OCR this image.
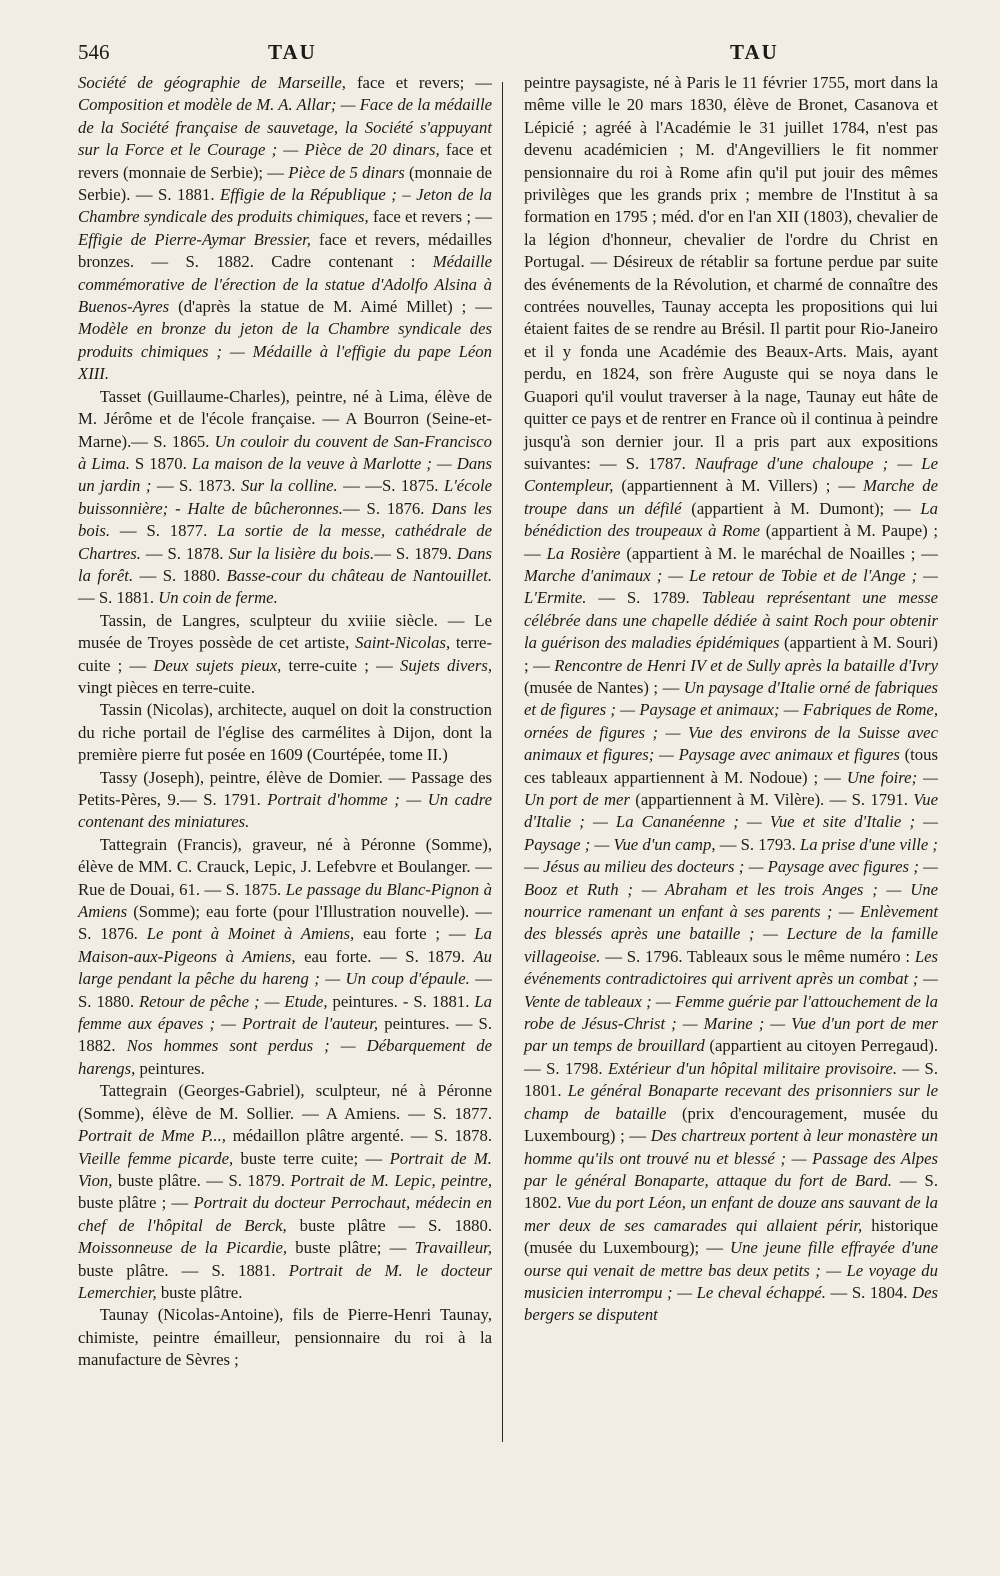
546	TAU	TAU

Société de géographie de Marseille, face et revers; —Composition et modèle de M. A. Allar; — Face de la médaille de la Société française de sauvetage, la Société s'appuyant sur la Force et le Courage ; — Pièce de 20 dinars, face et revers (monnaie de Serbie); — Pièce de 5 dinars (monnaie de Serbie). — S. 1881. Effigie de la République ; – Jeton de la Chambre syndicale des produits chimiques, face et revers ; — Effigie de Pierre-Aymar Bressier, face et revers, médailles bronzes. — S. 1882. Cadre contenant : Médaille commémorative de l'érection de la statue d'Adolfo Alsina à Buenos-Ayres (d'après la statue de M. Aimé Millet) ; — Modèle en bronze du jeton de la Chambre syndicale des produits chimiques ; — Médaille à l'effigie du pape Léon XIII.

Tasset (Guillaume-Charles), peintre, né à Lima, élève de M. Jérôme et de l'école française. — A Bourron (Seine-et-Marne).— S. 1865. Un couloir du couvent de San-Francisco à Lima. S 1870. La maison de la veuve à Marlotte ; — Dans un jardin ; — S. 1873. Sur la colline. — —S. 1875. L'école buissonnière; - Halte de bûcheronnes.— S. 1876. Dans les bois. — S. 1877. La sortie de la messe, cathédrale de Chartres. — S. 1878. Sur la lisière du bois.— S. 1879. Dans la forêt. — S. 1880. Basse-cour du château de Nantouillet. — S. 1881. Un coin de ferme.

Tassin, de Langres, sculpteur du xviiie siècle. — Le musée de Troyes possède de cet artiste, Saint-Nicolas, terre-cuite ; — Deux sujets pieux, terre-cuite ; — Sujets divers, vingt pièces en terre-cuite.

Tassin (Nicolas), architecte, auquel on doit la construction du riche portail de l'église des carmélites à Dijon, dont la première pierre fut posée en 1609 (Courtépée, tome II.)

Tassy (Joseph), peintre, élève de Domier. — Passage des Petits-Pères, 9.— S. 1791. Portrait d'homme ; — Un cadre contenant des miniatures.

Tattegrain (Francis), graveur, né à Péronne (Somme), élève de MM. C. Crauck, Lepic, J. Lefebvre et Boulanger. — Rue de Douai, 61. — S. 1875. Le passage du Blanc-Pignon à Amiens (Somme); eau forte (pour l'Illustration nouvelle). — S. 1876. Le pont à Moinet à Amiens, eau forte ; — La Maison-aux-Pigeons à Amiens, eau forte. — S. 1879. Au large pendant la pêche du hareng ; — Un coup d'épaule. — S. 1880. Retour de pêche ; — Etude, peintures. - S. 1881. La femme aux épaves ; — Portrait de l'auteur, peintures. — S. 1882. Nos hommes sont perdus ; — Débarquement de harengs, peintures.

Tattegrain (Georges-Gabriel), sculpteur, né à Péronne (Somme), élève de M. Sollier. — A Amiens. — S. 1877. Portrait de Mme P..., médaillon plâtre argenté. — S. 1878. Vieille femme picarde, buste terre cuite; — Portrait de M. Vion, buste plâtre. — S. 1879. Portrait de M. Lepic, peintre, buste plâtre ; — Portrait du docteur Perrochaut, médecin en chef de l'hôpital de Berck, buste plâtre — S. 1880. Moissonneuse de la Picardie, buste plâtre; — Travailleur, buste plâtre. — S. 1881. Portrait de M. le docteur Lemerchier, buste plâtre.

Taunay (Nicolas-Antoine), fils de Pierre-Henri Taunay, chimiste, peintre émailleur, pensionnaire du roi à la manufacture de Sèvres ;

peintre paysagiste, né à Paris le 11 février 1755, mort dans la même ville le 20 mars 1830, élève de Bronet, Casanova et Lépicié ; agréé à l'Académie le 31 juillet 1784, n'est pas devenu académicien ; M. d'Angevilliers le fit nommer pensionnaire du roi à Rome afin qu'il put jouir des mêmes privilèges que les grands prix ; membre de l'Institut à sa formation en 1795 ; méd. d'or en l'an XII (1803), chevalier de la légion d'honneur, chevalier de l'ordre du Christ en Portugal. — Désireux de rétablir sa fortune perdue par suite des événements de la Révolution, et charmé de connaître des contrées nouvelles, Taunay accepta les propositions qui lui étaient faites de se rendre au Brésil. Il partit pour Rio-Janeiro et il y fonda une Académie des Beaux-Arts. Mais, ayant perdu, en 1824, son frère Auguste qui se noya dans le Guapori qu'il voulut traverser à la nage, Taunay eut hâte de quitter ce pays et de rentrer en France où il continua à peindre jusqu'à son dernier jour. Il a pris part aux expositions suivantes: — S. 1787. Naufrage d'une chaloupe ; — Le Contempleur, (appartiennent à M. Villers) ; — Marche de troupe dans un défilé (appartient à M. Dumont); — La bénédiction des troupeaux à Rome (appartient à M. Paupe) ; — La Rosière (appartient à M. le maréchal de Noailles ; — Marche d'animaux ; — Le retour de Tobie et de l'Ange ; — L'Ermite. — S. 1789. Tableau représentant une messe célébrée dans une chapelle dédiée à saint Roch pour obtenir la guérison des maladies épidémiques (appartient à M. Souri) ; — Rencontre de Henri IV et de Sully après la bataille d'Ivry (musée de Nantes) ; — Un paysage d'Italie orné de fabriques et de figures ; — Paysage et animaux; — Fabriques de Rome, ornées de figures ; — Vue des environs de la Suisse avec animaux et figures; — Paysage avec animaux et figures (tous ces tableaux appartiennent à M. Nodoue) ; — Une foire; — Un port de mer (appartiennent à M. Vilère). — S. 1791. Vue d'Italie ; — La Cananéenne ; — Vue et site d'Italie ; — Paysage ; — Vue d'un camp, — S. 1793. La prise d'une ville ; — Jésus au milieu des docteurs ; — Paysage avec figures ; — Booz et Ruth ; — Abraham et les trois Anges ; — Une nourrice ramenant un enfant à ses parents ; — Enlèvement des blessés après une bataille ; — Lecture de la famille villageoise. — S. 1796. Tableaux sous le même numéro : Les événements contradictoires qui arrivent après un combat ; — Vente de tableaux ; — Femme guérie par l'attouchement de la robe de Jésus-Christ ; — Marine ; — Vue d'un port de mer par un temps de brouillard (appartient au citoyen Perregaud). — S. 1798. Extérieur d'un hôpital militaire provisoire. — S. 1801. Le général Bonaparte recevant des prisonniers sur le champ de bataille (prix d'encouragement, musée du Luxembourg) ; — Des chartreux portent à leur monastère un homme qu'ils ont trouvé nu et blessé ; — Passage des Alpes par le général Bonaparte, attaque du fort de Bard. — S. 1802. Vue du port Léon, un enfant de douze ans sauvant de la mer deux de ses camarades qui allaient périr, historique (musée du Luxembourg); — Une jeune fille effrayée d'une ourse qui venait de mettre bas deux petits ; — Le voyage du musicien interrompu ; — Le cheval échappé. — S. 1804. Des bergers se disputent
